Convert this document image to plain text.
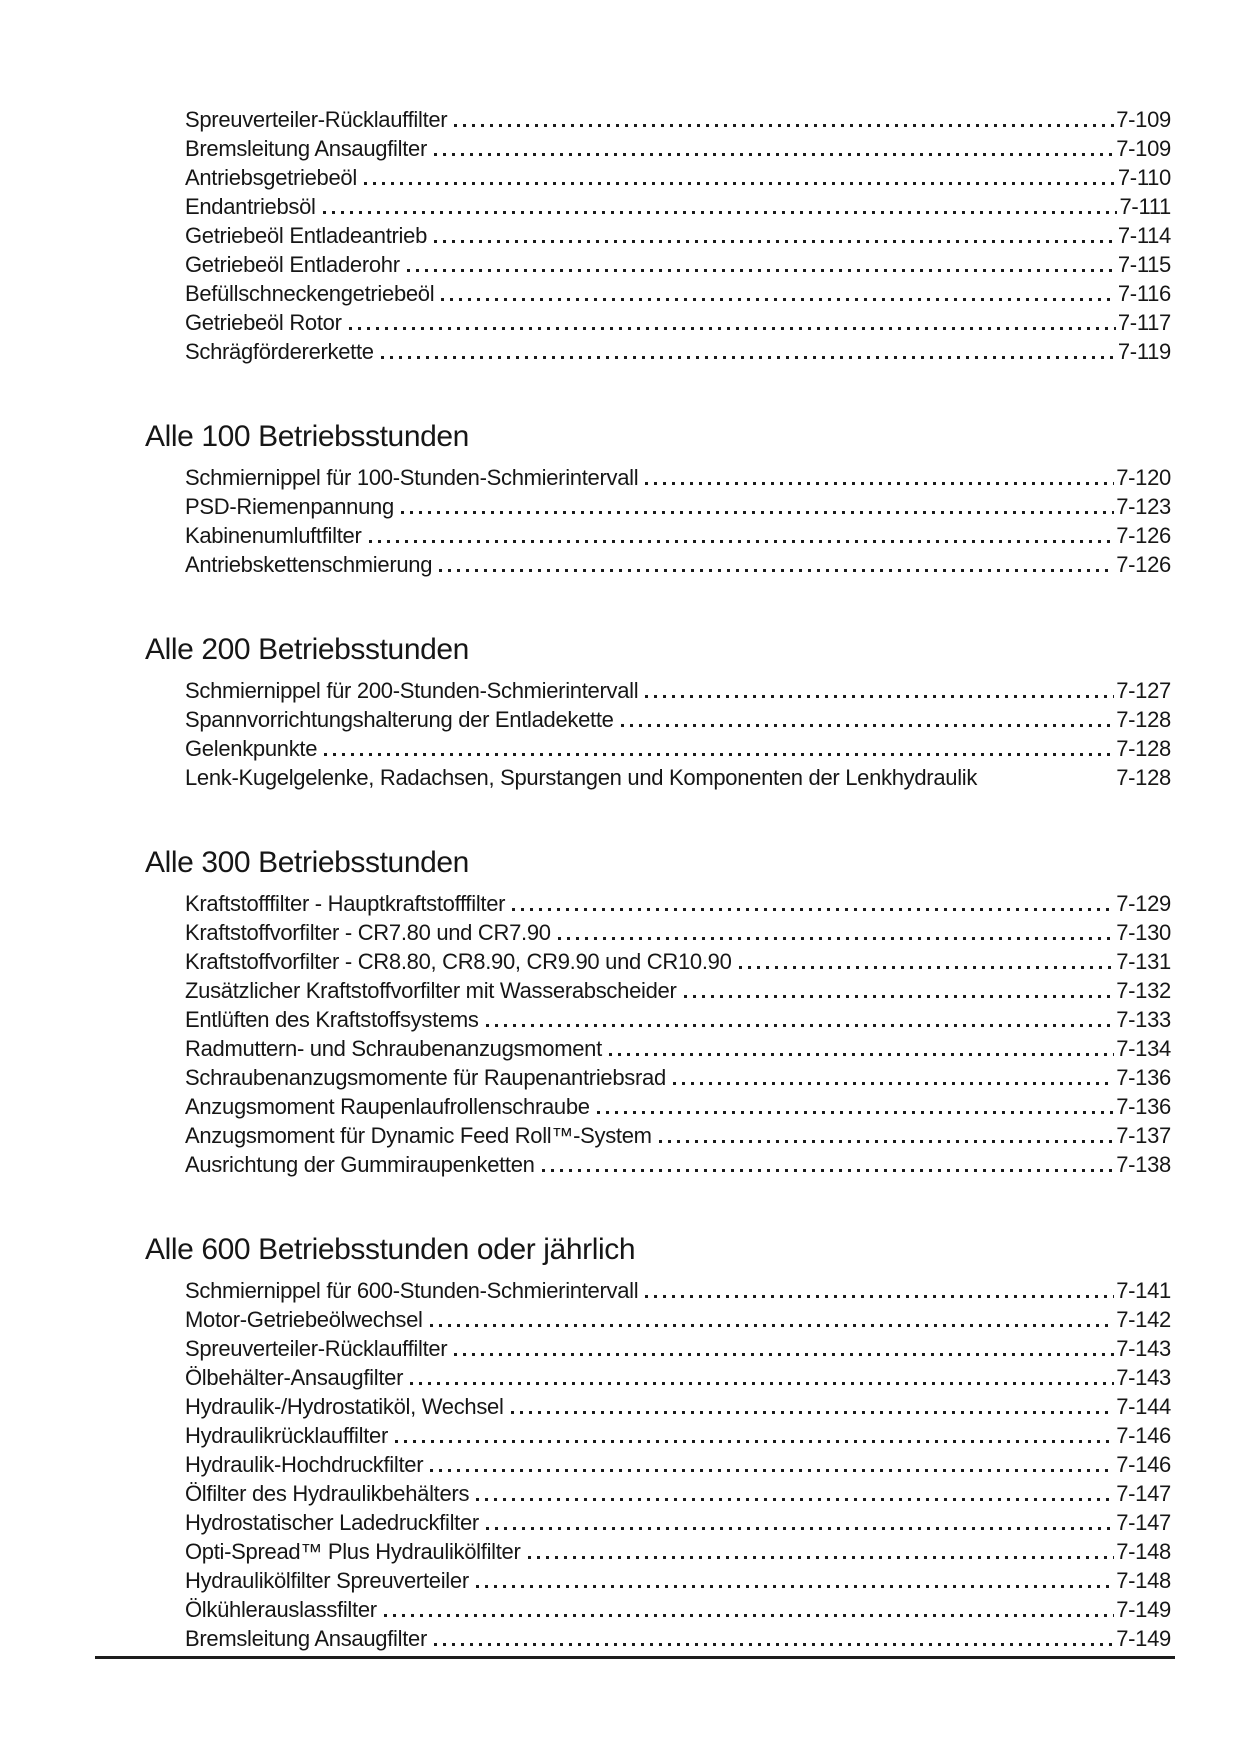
Spreuverteiler-Rücklauffilter	7-109
Bremsleitung Ansaugfilter	7-109
Antriebsgetriebeöl	7-110
Endantriebsöl	7-111
Getriebeöl Entladeantrieb	7-114
Getriebeöl Entladerohr	7-115
Befüllschneckengetriebeöl	7-116
Getriebeöl Rotor	7-117
Schrägfördererkette	7-119
Alle 100 Betriebsstunden
Schmiernippel für 100-Stunden-Schmierintervall	7-120
PSD-Riemenpannung	7-123
Kabinenumluftfilter	7-126
Antriebskettenschmierung	7-126
Alle 200 Betriebsstunden
Schmiernippel für 200-Stunden-Schmierintervall	7-127
Spannvorrichtungshalterung der Entladekette	7-128
Gelenkpunkte	7-128
Lenk-Kugelgelenke, Radachsen, Spurstangen und Komponenten der Lenkhydraulik	7-128
Alle 300 Betriebsstunden
Kraftstofffilter - Hauptkraftstofffilter	7-129
Kraftstoffvorfilter - CR7.80 und CR7.90	7-130
Kraftstoffvorfilter - CR8.80, CR8.90, CR9.90 und CR10.90	7-131
Zusätzlicher Kraftstoffvorfilter mit Wasserabscheider	7-132
Entlüften des Kraftstoffsystems	7-133
Radmuttern- und Schraubenanzugsmoment	7-134
Schraubenanzugsmomente für Raupenantriebsrad	7-136
Anzugsmoment Raupenlaufrollenschraube	7-136
Anzugsmoment für Dynamic Feed Roll™-System	7-137
Ausrichtung der Gummiraupenketten	7-138
Alle 600 Betriebsstunden oder jährlich
Schmiernippel für 600-Stunden-Schmierintervall	7-141
Motor-Getriebeölwechsel	7-142
Spreuverteiler-Rücklauffilter	7-143
Ölbehälter-Ansaugfilter	7-143
Hydraulik-/Hydrostatiköl, Wechsel	7-144
Hydraulikrücklauffilter	7-146
Hydraulik-Hochdruckfilter	7-146
Ölfilter des Hydraulikbehälters	7-147
Hydrostatischer Ladedruckfilter	7-147
Opti-Spread™ Plus Hydraulikölfilter	7-148
Hydraulikölfilter Spreuverteiler	7-148
Ölkühlerauslassfilter	7-149
Bremsleitung Ansaugfilter	7-149
